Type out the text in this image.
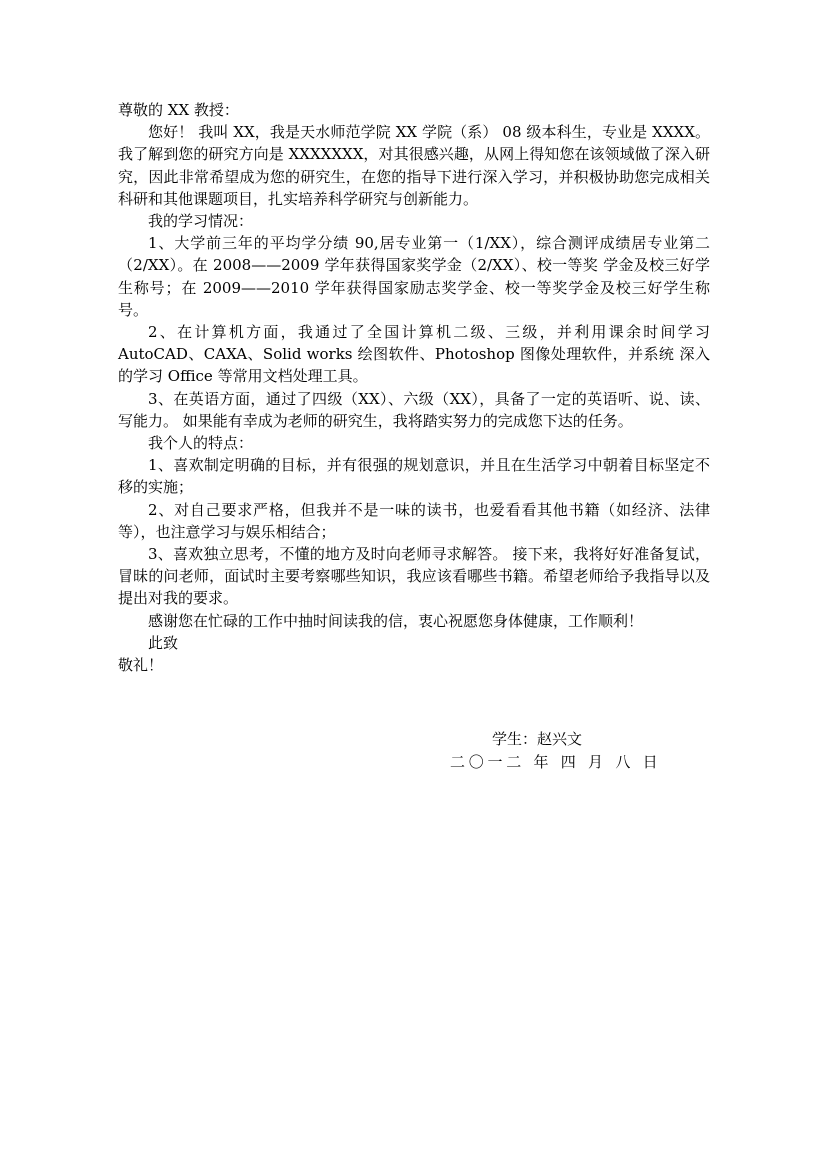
尊敬的 XX 教授：

您好！ 我叫 XX，我是天水师范学院 XX 学院（系） 08 级本科生，专业是 XXXX。我了解到您的研究方向是 XXXXXXX，对其很感兴趣，从网上得知您在该领域做了深入研究，因此非常希望成为您的研究生，在您的指导下进行深入学习，并积极协助您完成相关科研和其他课题项目，扎实培养科学研究与创新能力。

我的学习情况：

1、大学前三年的平均学分绩 90,居专业第一（1/XX），综合测评成绩居专业第二（2/XX）。在 2008——2009 学年获得国家奖学金（2/XX）、校一等奖 学金及校三好学生称号；在 2009——2010 学年获得国家励志奖学金、校一等奖学金及校三好学生称号。

2、在计算机方面，我通过了全国计算机二级、三级，并利用课余时间学习 AutoCAD、CAXA、Solid works 绘图软件、Photoshop 图像处理软件，并系统 深入的学习 Office 等常用文档处理工具。

3、在英语方面，通过了四级（XX）、六级（XX），具备了一定的英语听、说、读、写能力。 如果能有幸成为老师的研究生，我将踏实努力的完成您下达的任务。

我个人的特点：

1、喜欢制定明确的目标，并有很强的规划意识，并且在生活学习中朝着目标坚定不移的实施；

2、对自己要求严格，但我并不是一味的读书，也爱看看其他书籍（如经济、法律等），也注意学习与娱乐相结合；

3、喜欢独立思考，不懂的地方及时向老师寻求解答。 接下来，我将好好准备复试，冒昧的问老师，面试时主要考察哪些知识，我应该看哪些书籍。希望老师给予我指导以及提出对我的要求。

感谢您在忙碌的工作中抽时间读我的信，衷心祝愿您身体健康，工作顺利！

此致

敬礼！

学生：赵兴文
二〇一二 年 四 月 八 日
